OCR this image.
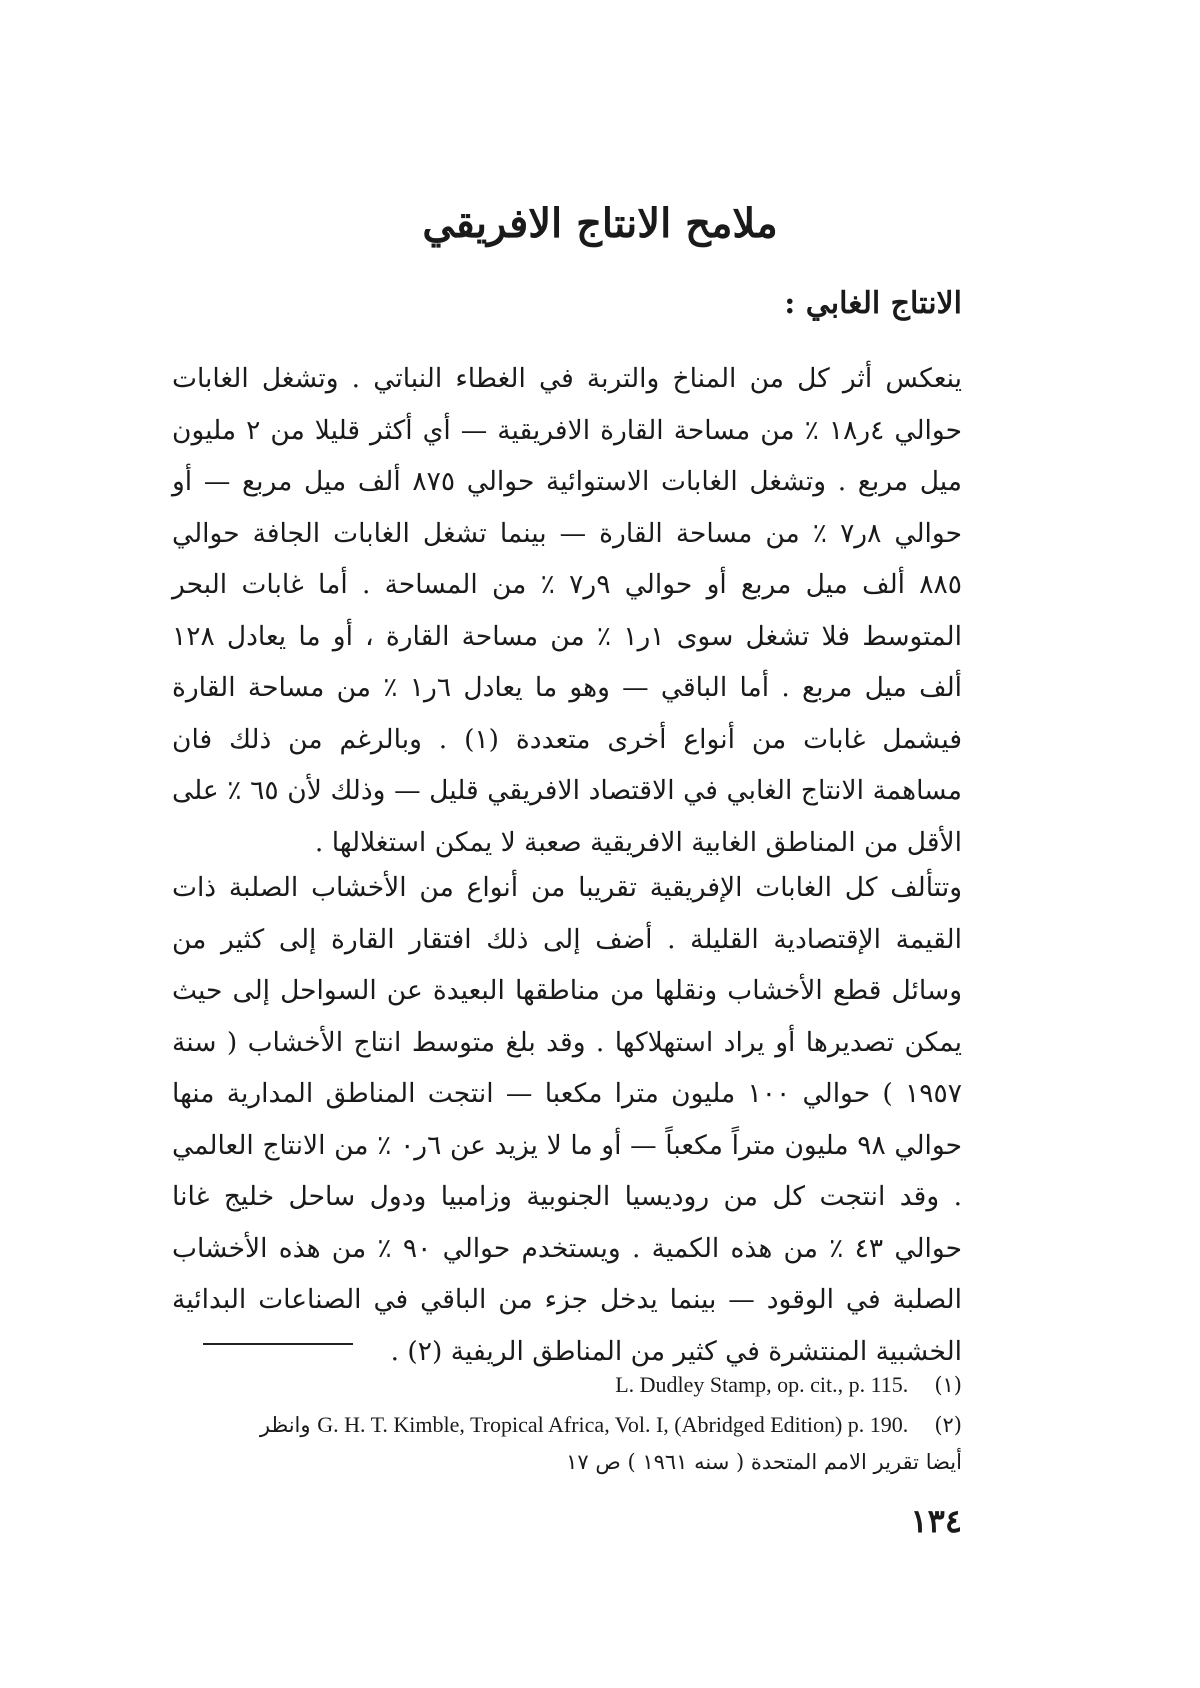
ملامح الانتاج الافريقي
الانتاج الغابي :

ينعكس أثر كل من المناخ والتربة في الغطاء النباتي . وتشغل الغابات حوالي ٤ر١٨ ٪ من مساحة القارة الافريقية — أي أكثر قليلا من ٢ مليون ميل مربع . وتشغل الغابات الاستوائية حوالي ٨٧٥ ألف ميل مربع — أو حوالي ٨ر٧ ٪ من مساحة القارة — بينما تشغل الغابات الجافة حوالي ٨٨٥ ألف ميل مربع أو حوالي ٩ر٧ ٪ من المساحة . أما غابات البحر المتوسط فلا تشغل سوى ١ر١ ٪ من مساحة القارة ، أو ما يعادل ١٢٨ ألف ميل مربع . أما الباقي — وهو ما يعادل ٦ر١ ٪ من مساحة القارة فيشمل غابات من أنواع أخرى متعددة (١) . وبالرغم من ذلك فان مساهمة الانتاج الغابي في الاقتصاد الافريقي قليل — وذلك لأن ٦٥ ٪ على الأقل من المناطق الغابية الافريقية صعبة لا يمكن استغلالها .

وتتألف كل الغابات الإفريقية تقريبا من أنواع من الأخشاب الصلبة ذات القيمة الإقتصادية القليلة . أضف إلى ذلك افتقار القارة إلى كثير من وسائل قطع الأخشاب ونقلها من مناطقها البعيدة عن السواحل إلى حيث يمكن تصديرها أو يراد استهلاكها . وقد بلغ متوسط انتاج الأخشاب ( سنة ١٩٥٧ ) حوالي ١٠٠ مليون مترا مكعبا — انتجت المناطق المدارية منها حوالي ٩٨ مليون متراً مكعباً — أو ما لا يزيد عن ٦ر٠ ٪ من الانتاج العالمي . وقد انتجت كل من روديسيا الجنوبية وزامبيا ودول ساحل خليج غانا حوالي ٤٣ ٪ من هذه الكمية . ويستخدم حوالي ٩٠ ٪ من هذه الأخشاب الصلبة في الوقود — بينما يدخل جزء من الباقي في الصناعات البدائية الخشبية المنتشرة في كثير من المناطق الريفية (٢) .

(١)L. Dudley Stamp, op. cit., p. 115.
(٢)G. H. T. Kimble, Tropical Africa, Vol. I, (Abridged Edition) p. 190. وانظر
أيضا تقرير الامم المتحدة ( سنه ١٩٦١ ) ص ١٧

١٣٤
